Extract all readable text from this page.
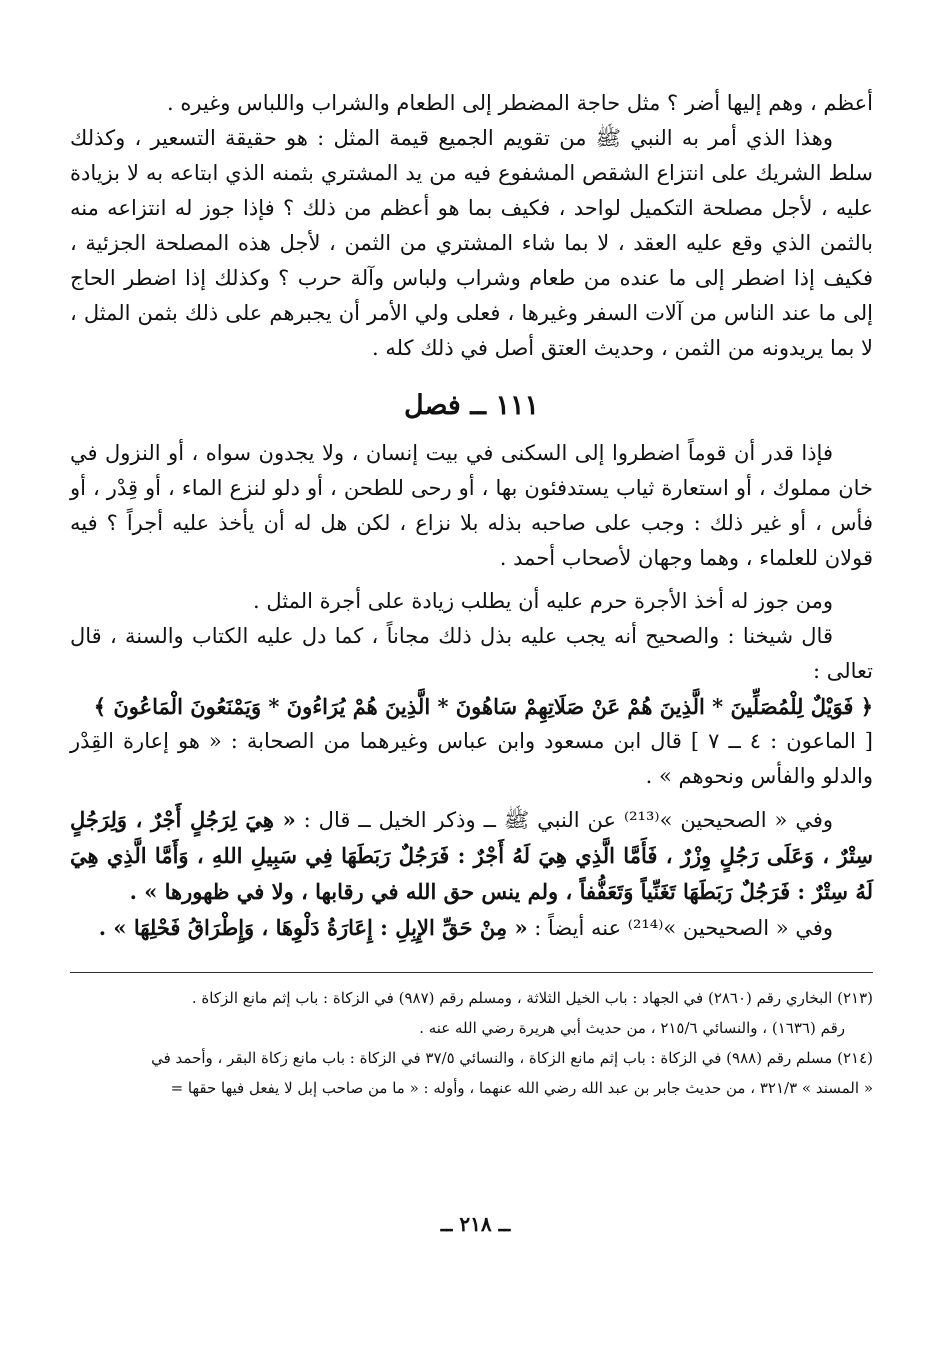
أعظم ، وهم إليها أضر ؟ مثل حاجة المضطر إلى الطعام والشراب واللباس وغيره .

وهذا الذي أمر به النبي ﷺ من تقويم الجميع قيمة المثل : هو حقيقة التسعير ، وكذلك سلط الشريك على انتزاع الشقص المشفوع فيه من يد المشتري بثمنه الذي ابتاعه به لا بزيادة عليه ، لأجل مصلحة التكميل لواحد ، فكيف بما هو أعظم من ذلك ؟ فإذا جوز له انتزاعه منه بالثمن الذي وقع عليه العقد ، لا بما شاء المشتري من الثمن ، لأجل هذه المصلحة الجزئية ، فكيف إذا اضطر إلى ما عنده من طعام وشراب ولباس وآلة حرب ؟ وكذلك إذا اضطر الحاج إلى ما عند الناس من آلات السفر وغيرها ، فعلى ولي الأمر أن يجبرهم على ذلك بثمن المثل ، لا بما يريدونه من الثمن ، وحديث العتق أصل في ذلك كله .

١١١ ــ فصل

فإذا قدر أن قوماً اضطروا إلى السكنى في بيت إنسان ، ولا يجدون سواه ، أو النزول في خان مملوك ، أو استعارة ثياب يستدفئون بها ، أو رحى للطحن ، أو دلو لنزع الماء ، أو قِدْر ، أو فأس ، أو غير ذلك : وجب على صاحبه بذله بلا نزاع ، لكن هل له أن يأخذ عليه أجراً ؟ فيه قولان للعلماء ، وهما وجهان لأصحاب أحمد .

ومن جوز له أخذ الأجرة حرم عليه أن يطلب زيادة على أجرة المثل .

قال شيخنا : والصحيح أنه يجب عليه بذل ذلك مجاناً ، كما دل عليه الكتاب والسنة ، قال تعالى :

﴿ فَوَيْلٌ لِلْمُصَلِّينَ * الَّذِينَ هُمْ عَنْ صَلَاتِهِمْ سَاهُونَ * الَّذِينَ هُمْ يُرَاءُونَ * وَيَمْنَعُونَ الْمَاعُونَ ﴾

[ الماعون : ٤ ــ ٧ ] قال ابن مسعود وابن عباس وغيرهما من الصحابة : « هو إعارة القِدْر والدلو والفأس ونحوهم » .

وفي « الصحيحين »⁽²¹³⁾ عن النبي ﷺ ــ وذكر الخيل ــ قال : « هِيَ لِرَجُلٍ أَجْرٌ ، وَلِرَجُلٍ سِتْرٌ ، وَعَلَى رَجُلٍ وِزْرٌ ، فَأَمَّا الَّذِي هِيَ لَهُ أَجْرٌ : فَرَجُلٌ رَبَطَهَا فِي سَبِيلِ اللهِ ، وَأَمَّا الَّذِي هِيَ لَهُ سِتْرٌ : فَرَجُلٌ رَبَطَهَا تَغَنِّياً وَتَعَفُّفاً ، ولم ينس حق الله في رقابها ، ولا في ظهورها » .

وفي « الصحيحين »⁽²¹⁴⁾ عنه أيضاً : « مِنْ حَقِّ الإِبِلِ : إِعَارَةُ دَلْوِهَا ، وَإِطْرَاقُ فَحْلِهَا » .

(٢١٣) البخاري رقم (٢٨٦٠) في الجهاد : باب الخيل الثلاثة ، ومسلم رقم (٩٨٧) في الزكاة : باب إثم مانع الزكاة .

رقم (١٦٣٦) ، والنسائي ٢١٥/٦ ، من حديث أبي هريرة رضي الله عنه .

(٢١٤) مسلم رقم (٩٨٨) في الزكاة : باب إثم مانع الزكاة ، والنسائي ٣٧/٥ في الزكاة : باب مانع زكاة البقر ، وأحمد في

« المسند » ٣٢١/٣ ، من حديث جابر بن عبد الله رضي الله عنهما ، وأوله : « ما من صاحب إبل لا يفعل فيها حقها =

ــ ٢١٨ ــ
